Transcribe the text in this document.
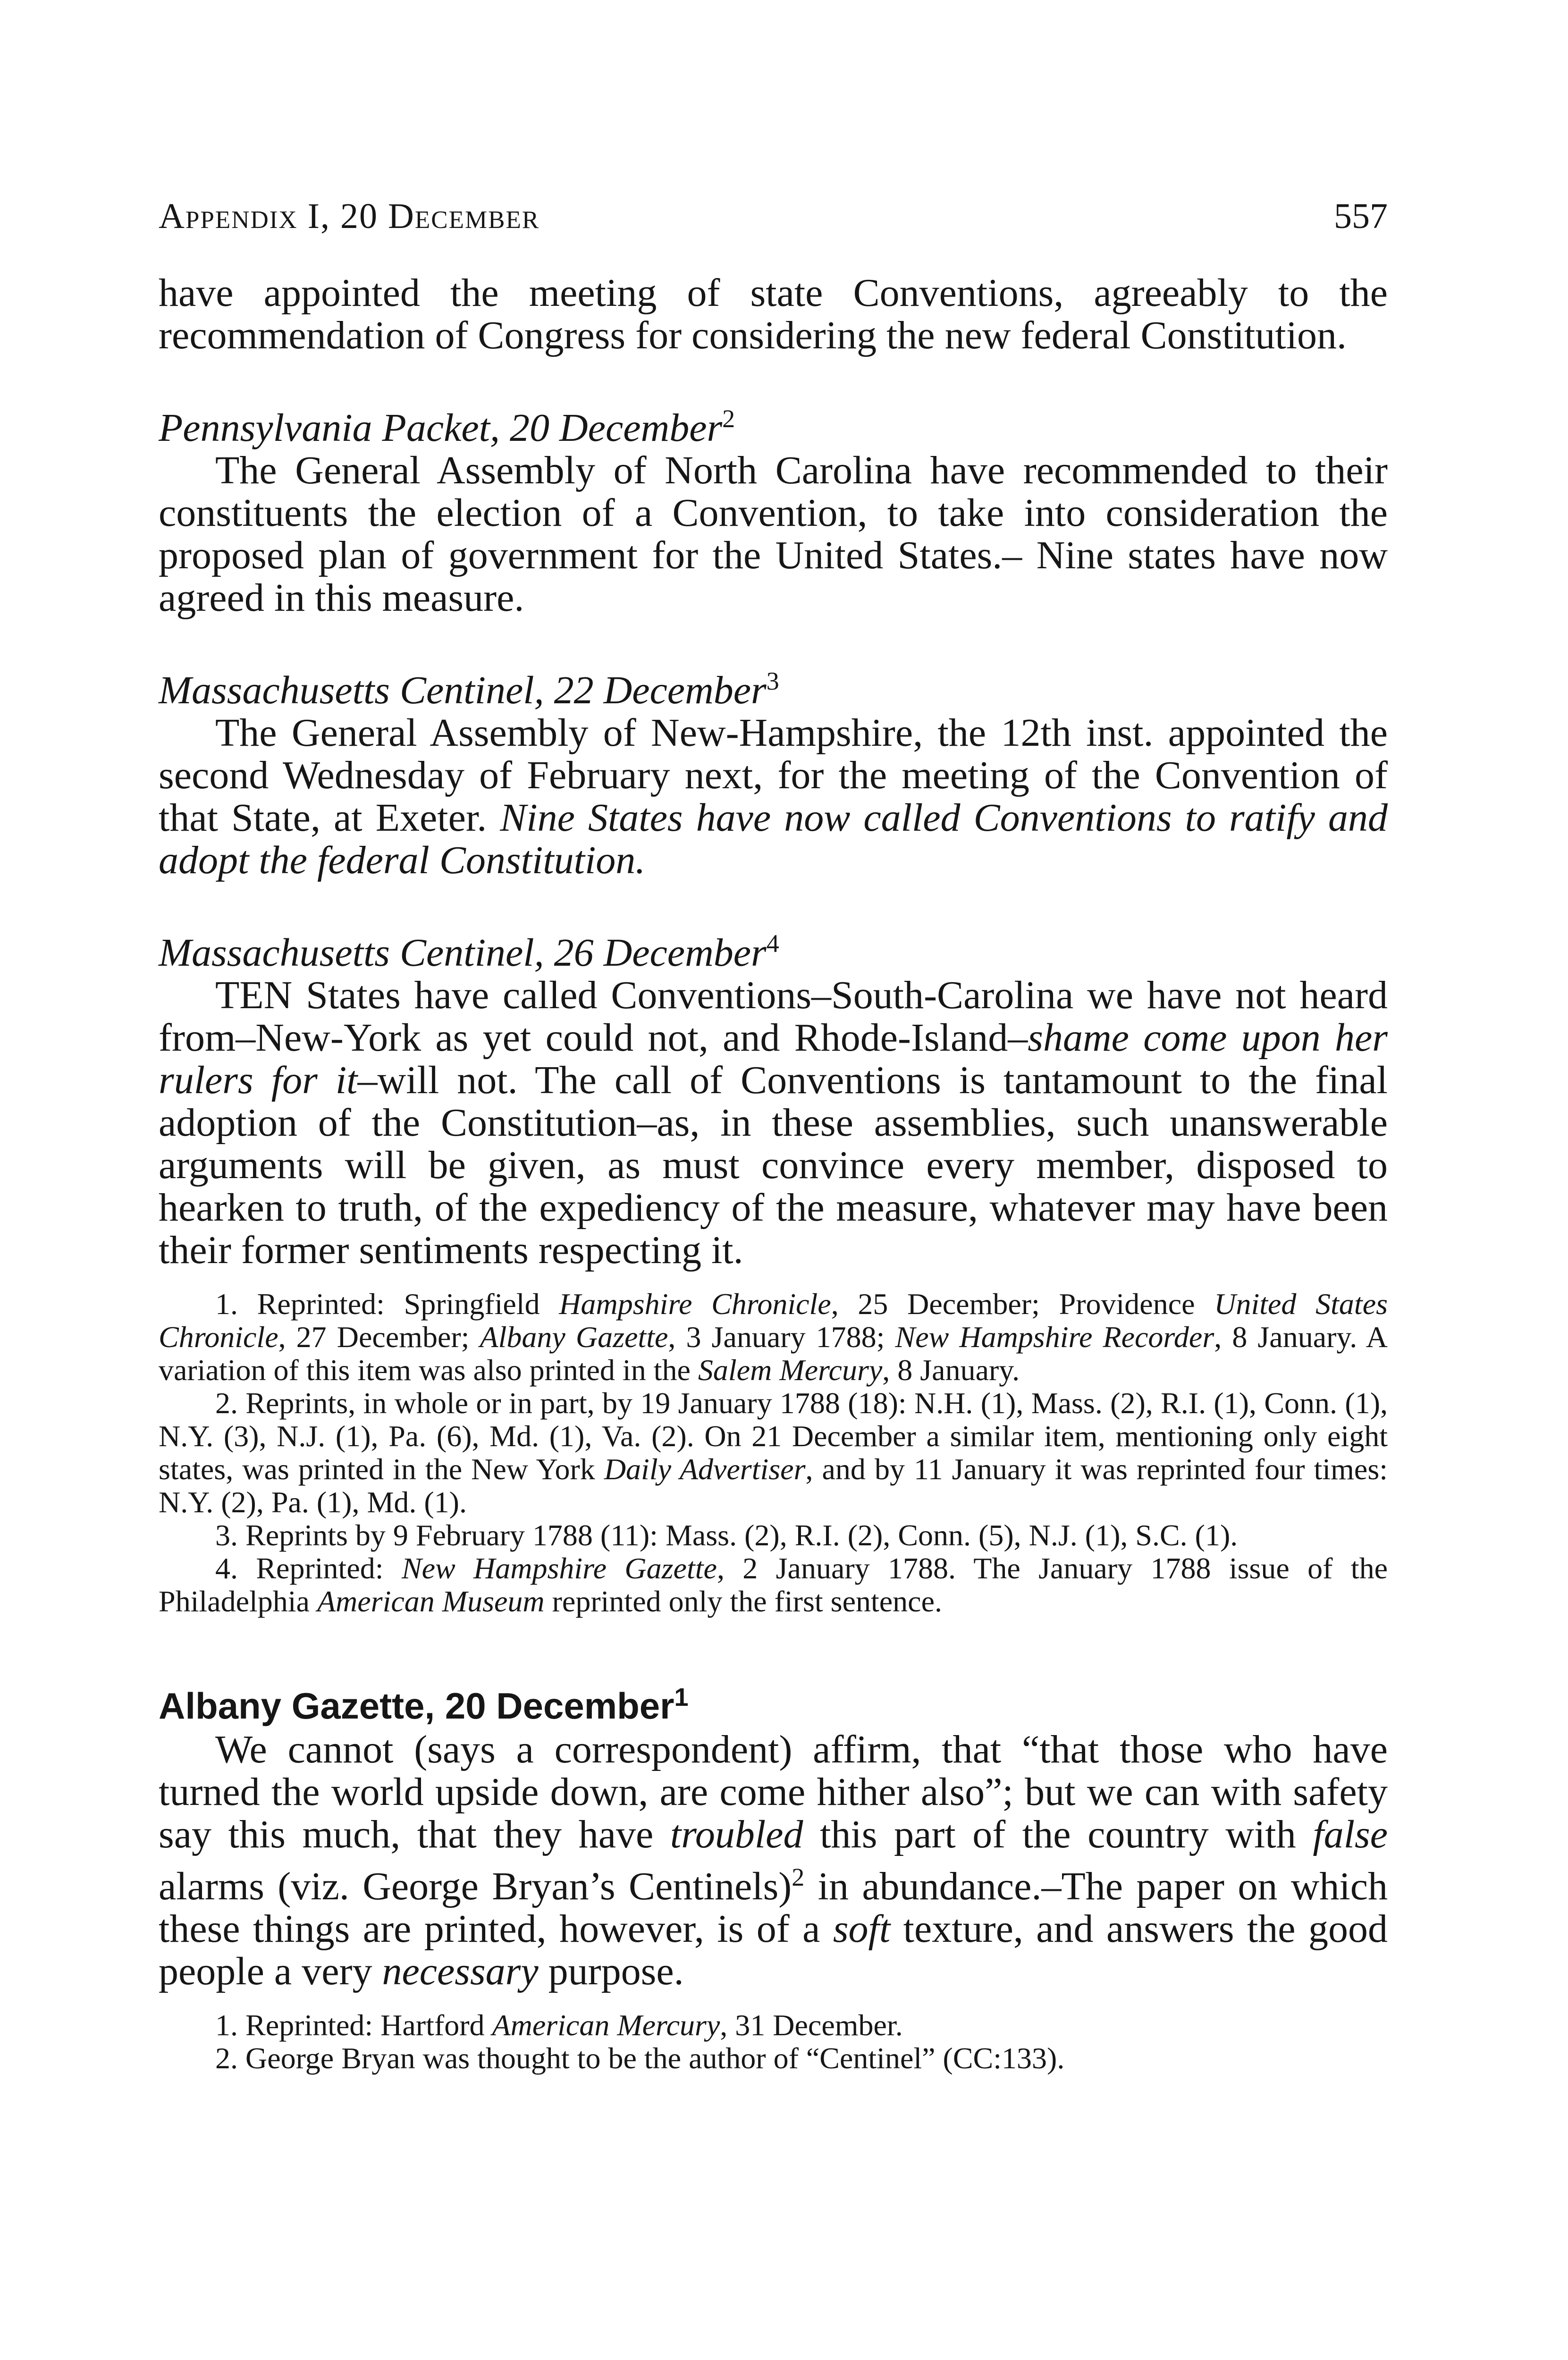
Appendix I, 20 December	557

have appointed the meeting of state Conventions, agreeably to the recommendation of Congress for considering the new federal Constitution.

Pennsylvania Packet, 20 December$^2$

The General Assembly of North Carolina have recommended to their constituents the election of a Convention, to take into consideration the proposed plan of government for the United States.– Nine states have now agreed in this measure.

Massachusetts Centinel, 22 December$^3$

The General Assembly of New-Hampshire, the 12th inst. appointed the second Wednesday of February next, for the meeting of the Convention of that State, at Exeter. Nine States have now called Conventions to ratify and adopt the federal Constitution.

Massachusetts Centinel, 26 December$^4$

TEN States have called Conventions–South-Carolina we have not heard from–New-York as yet could not, and Rhode-Island–shame come upon her rulers for it–will not. The call of Conventions is tantamount to the final adoption of the Constitution–as, in these assemblies, such unanswerable arguments will be given, as must convince every member, disposed to hearken to truth, of the expediency of the measure, whatever may have been their former sentiments respecting it.

1. Reprinted: Springfield Hampshire Chronicle, 25 December; Providence United States Chronicle, 27 December; Albany Gazette, 3 January 1788; New Hampshire Recorder, 8 January. A variation of this item was also printed in the Salem Mercury, 8 January.

2. Reprints, in whole or in part, by 19 January 1788 (18): N.H. (1), Mass. (2), R.I. (1), Conn. (1), N.Y. (3), N.J. (1), Pa. (6), Md. (1), Va. (2). On 21 December a similar item, mentioning only eight states, was printed in the New York Daily Advertiser, and by 11 January it was reprinted four times: N.Y. (2), Pa. (1), Md. (1).

3. Reprints by 9 February 1788 (11): Mass. (2), R.I. (2), Conn. (5), N.J. (1), S.C. (1).

4. Reprinted: New Hampshire Gazette, 2 January 1788. The January 1788 issue of the Philadelphia American Museum reprinted only the first sentence.

Albany Gazette, 20 December$^1$

We cannot (says a correspondent) affirm, that “that those who have turned the world upside down, are come hither also”; but we can with safety say this much, that they have troubled this part of the country with false alarms (viz. George Bryan’s Centinels)$^2$ in abundance.–The paper on which these things are printed, however, is of a soft texture, and answers the good people a very necessary purpose.

1. Reprinted: Hartford American Mercury, 31 December.

2. George Bryan was thought to be the author of “Centinel” (CC:133).
